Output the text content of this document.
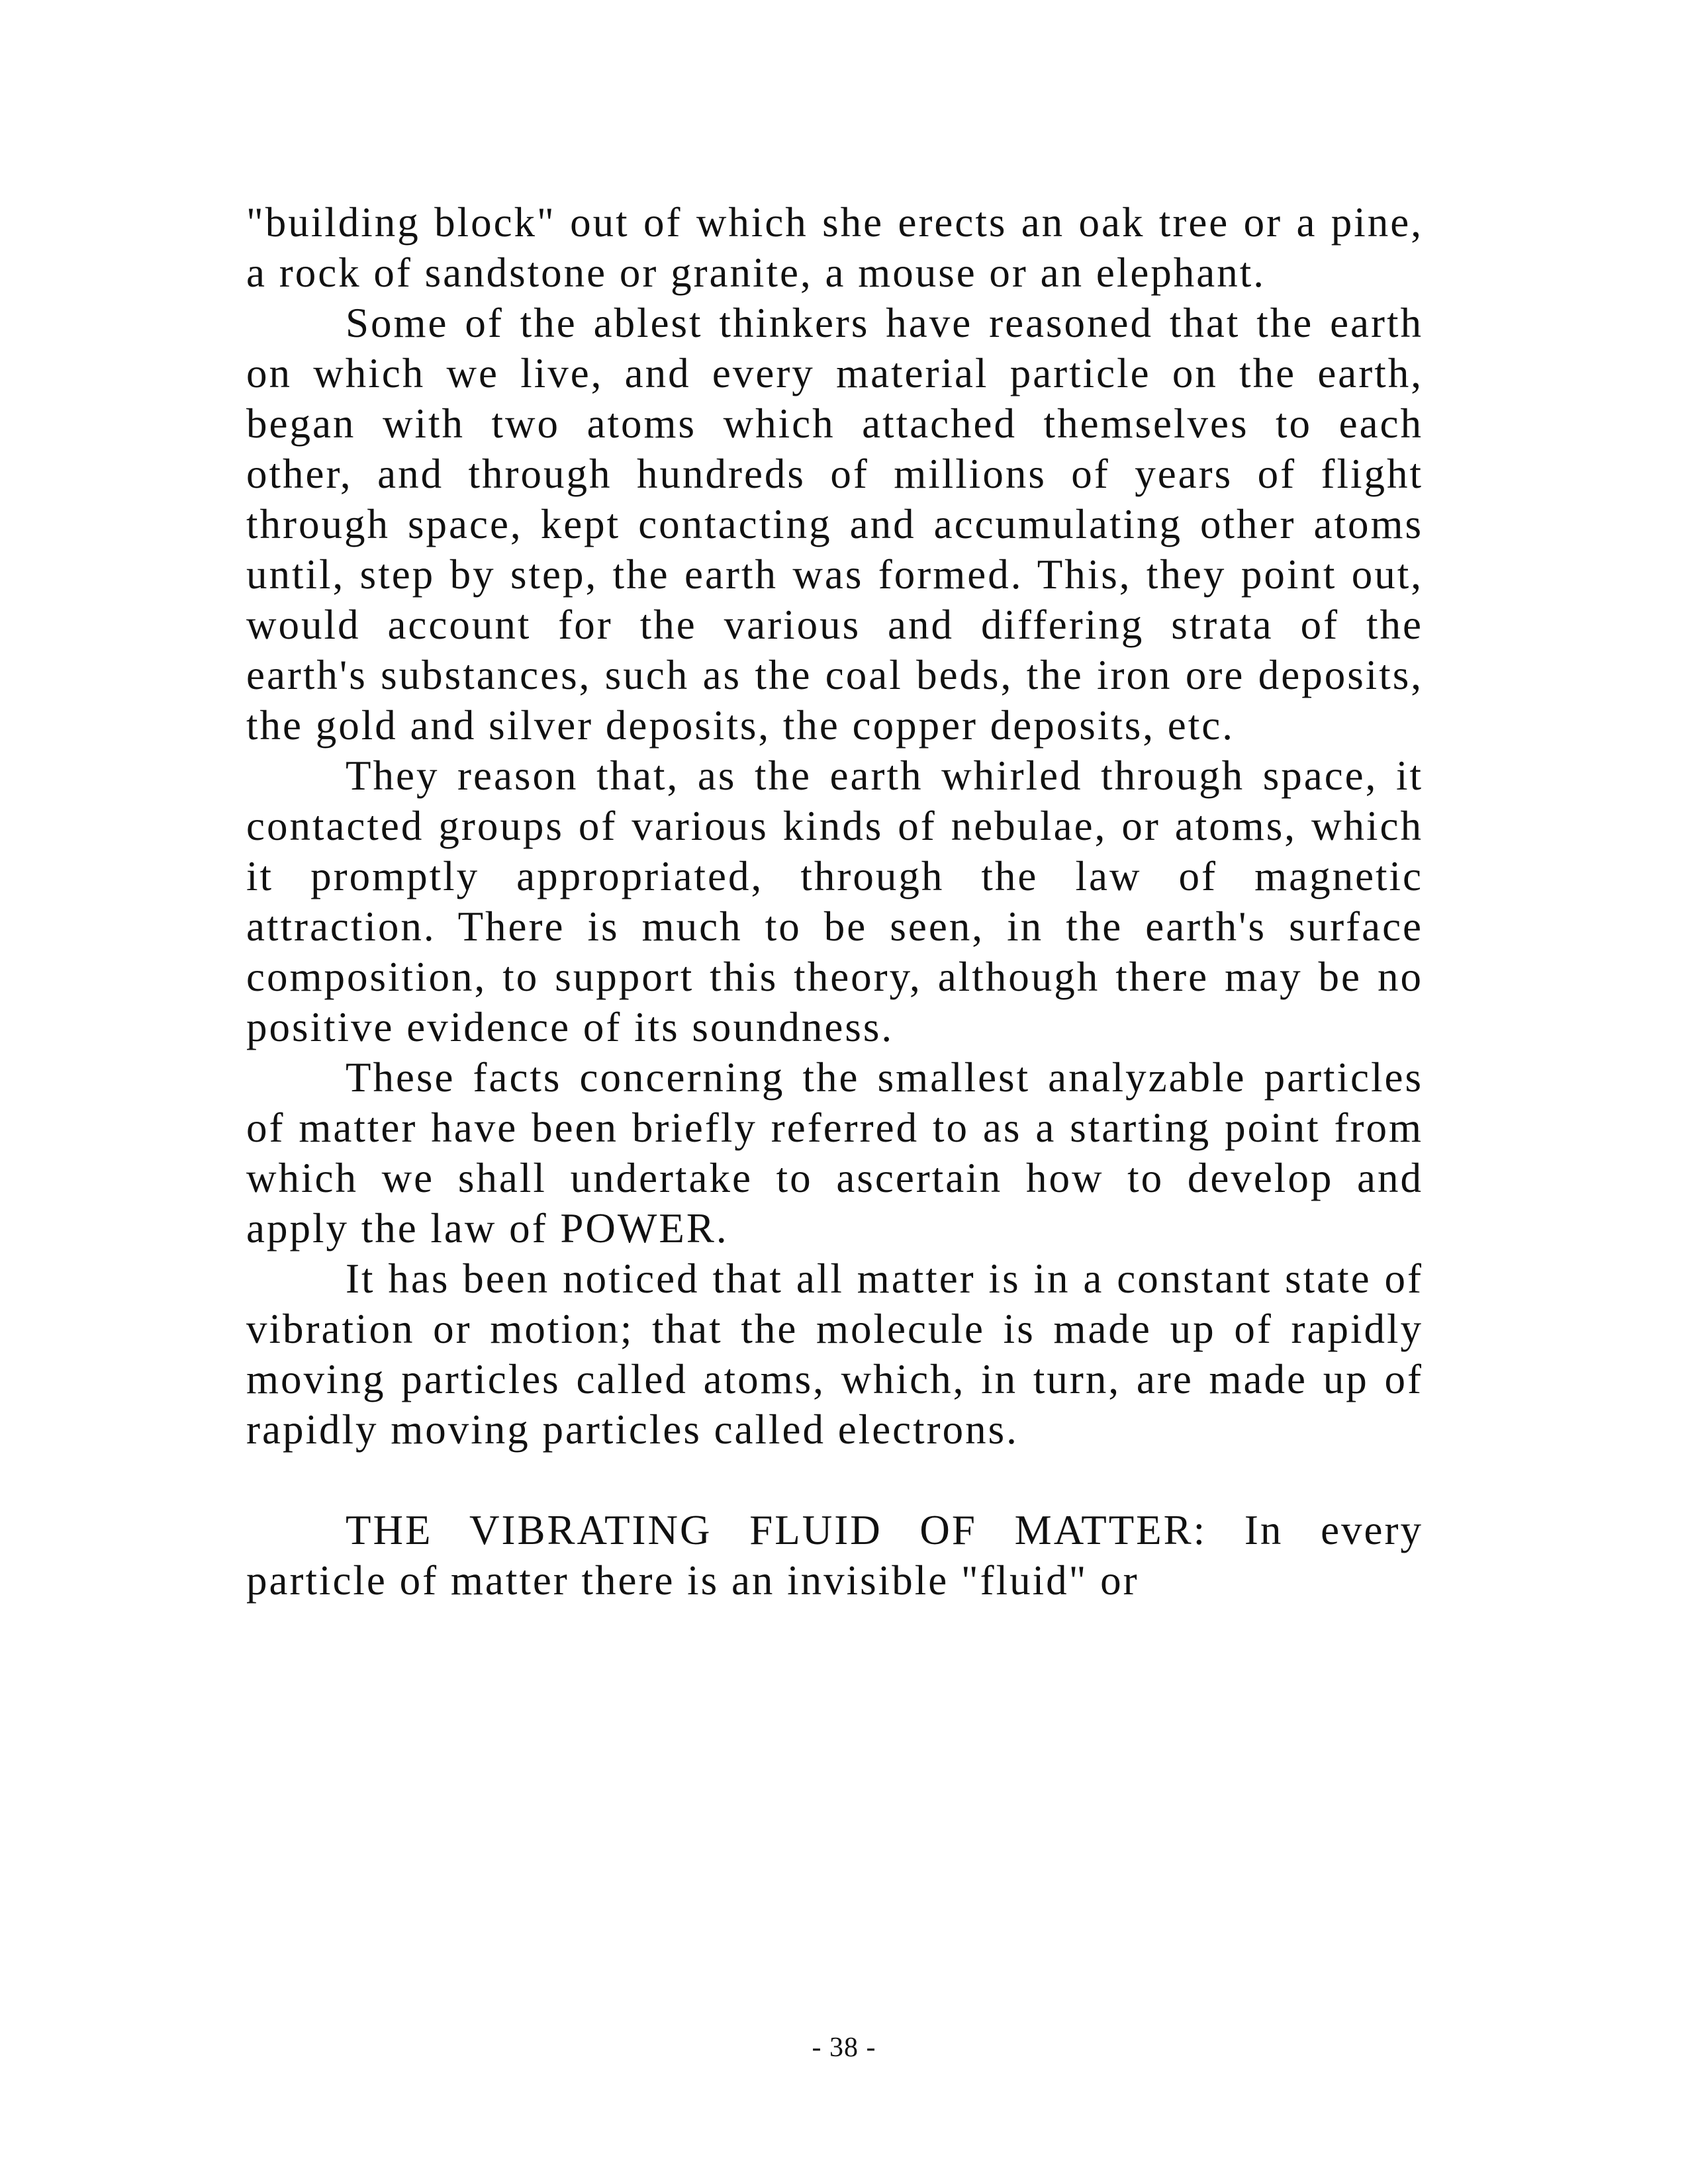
"building block" out of which she erects an oak tree or a pine, a rock of sandstone or granite, a mouse or an elephant.

Some of the ablest thinkers have reasoned that the earth on which we live, and every material particle on the earth, began with two atoms which attached themselves to each other, and through hundreds of millions of years of flight through space, kept contacting and accumulating other atoms until, step by step, the earth was formed. This, they point out, would account for the various and differing strata of the earth's substances, such as the coal beds, the iron ore deposits, the gold and silver deposits, the copper deposits, etc.

They reason that, as the earth whirled through space, it contacted groups of various kinds of nebulae, or atoms, which it promptly appropriated, through the law of magnetic attraction. There is much to be seen, in the earth's surface composition, to support this theory, although there may be no positive evidence of its soundness.

These facts concerning the smallest analyzable particles of matter have been briefly referred to as a starting point from which we shall undertake to ascertain how to develop and apply the law of POWER.

It has been noticed that all matter is in a constant state of vibration or motion; that the molecule is made up of rapidly moving particles called atoms, which, in turn, are made up of rapidly moving particles called electrons.

THE VIBRATING FLUID OF MATTER: In every particle of matter there is an invisible "fluid" or

- 38 -
